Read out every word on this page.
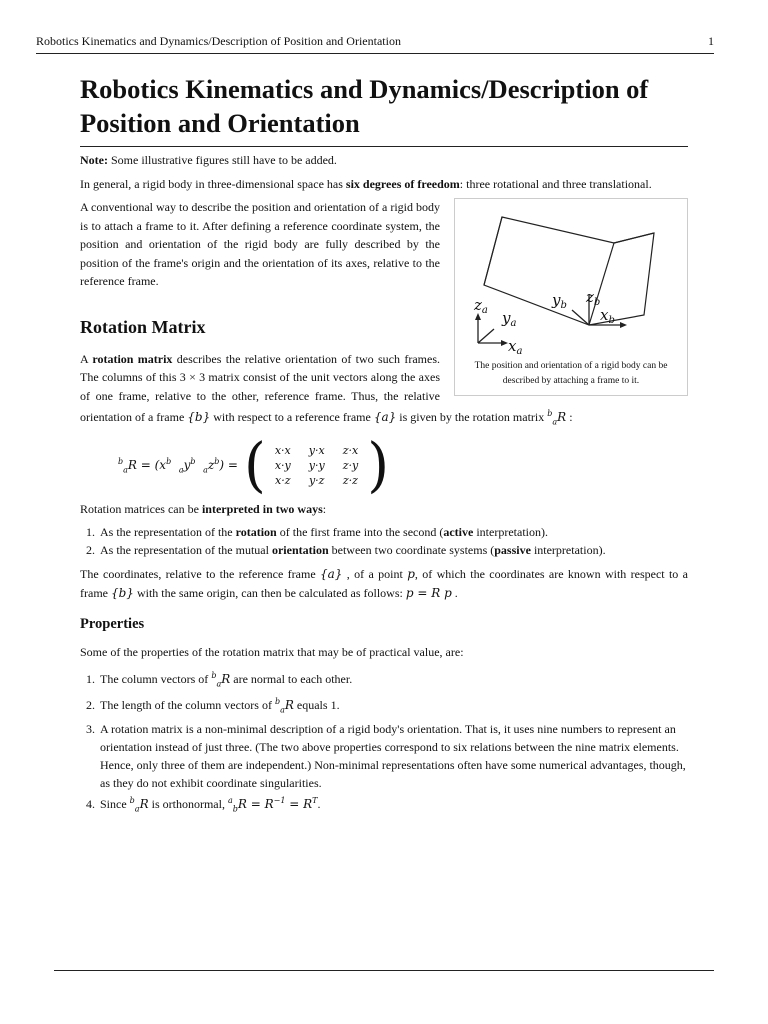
Robotics Kinematics and Dynamics/Description of Position and Orientation	1
Robotics Kinematics and Dynamics/Description of Position and Orientation

Note: Some illustrative figures still have to be added.

In general, a rigid body in three-dimensional space has six degrees of freedom: three rotational and three translational.

$z_a$ $y_a$
$x_a$
$y_b$ $z_b$
$x_b$

The position and orientation of a rigid body can be described by attaching a frame to it.

A conventional way to describe the position and orientation of a rigid body is to attach a frame to it. After defining a reference coordinate system, the position and orientation of the rigid body are fully described by the position of the frame's origin and the orientation of its axes, relative to the reference frame.

Rotation Matrix

A rotation matrix describes the relative orientation of two such frames. The columns of this 3 × 3 matrix consist of the unit vectors along the axes of one frame, relative to the other, reference frame. Thus, the relative orientation of a frame {b} with respect to a reference frame {a} is given by the rotation matrix $^b_a$R :

$^b_aR = (x^b$  $_ay^b$  $_az^b$) = ( x·x	y·x	z·x
x·y	y·y	z·y
x·z	y·z	z·z )

Rotation matrices can be interpreted in two ways:

1. As the representation of the rotation of the first frame into the second (active interpretation).
2. As the representation of the mutual orientation between two coordinate systems (passive interpretation).

The coordinates, relative to the reference frame {a} , of a point p, of which the coordinates are known with respect to a frame {b} with the same origin, can then be calculated as follows: p = R p .

Properties

Some of the properties of the rotation matrix that may be of practical value, are:

1. The column vectors of $^b_a$R are normal to each other.
2. The length of the column vectors of $^b_a$R equals 1.
3. A rotation matrix is a non-minimal description of a rigid body's orientation. That is, it uses nine numbers to represent an orientation instead of just three. (The two above properties correspond to six relations between the nine matrix elements. Hence, only three of them are independent.) Non-minimal representations often have some numerical advantages, though, as they do not exhibit coordinate singularities.
4. Since $^b_a$R is orthonormal, $^a_bR = R^{-1} = R^T$.
